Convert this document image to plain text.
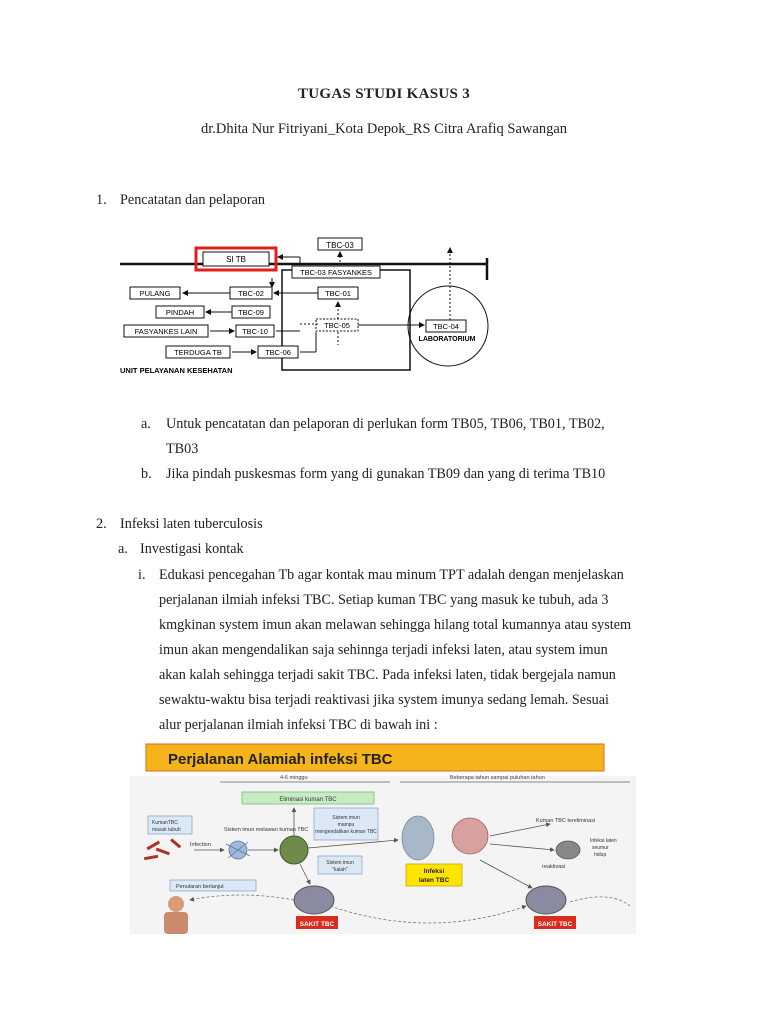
TUGAS STUDI KASUS 3
dr.Dhita Nur Fitriyani_Kota Depok_RS Citra Arafiq Sawangan
1. Pencatatan dan pelaporan
TBC-03
SI TB
TBC-03 FASYANKES
PULANG	TBC-02	TBC-01
PINDAH	TBC-09
FASYANKES LAIN	TBC-10
TBC-05	TBC-04
LABORATORIUM
TERDUGA TB	TBC-06
UNIT PELAYANAN KESEHATAN
a. Untuk pencatatan dan pelaporan di perlukan form TB05, TB06, TB01, TB02,
TB03
b. Jika pindah puskesmas form yang di gunakan TB09 dan yang di terima TB10
2. Infeksi laten tuberculosis
a. Investigasi kontak
i. Edukasi pencegahan Tb agar kontak mau minum TPT adalah dengan menjelaskan
perjalanan ilmiah infeksi TBC. Setiap kuman TBC yang masuk ke tubuh, ada 3
kmgkinan system imun akan melawan sehingga hilang total kumannya atau system
imun akan mengendalikan saja sehinnga terjadi infeksi laten, atau system imun
akan kalah sehingga terjadi sakit TBC. Pada infeksi laten, tidak bergejala namun
sewaktu-waktu bisa terjadi reaktivasi jika system imunya sedang lemah. Sesuai
alur perjalanan ilmiah infeksi TBC di bawah ini :
Perjalanan Alamiah infeksi TBC
4-6 minggu	Beberapa tahun sampai puluhan tahun
Eliminasi kuman TBC
KumanTBC
masuk tubuh	Sistem imun melawan kuman TBC
Sistem imun
mampu
mengendalikan kuman TBC
Kuman TBC tereliminasi
Infection
Infeksi laten
seumur
hidup
Sistem imun
"kalah"	Infeksi
laten TBC
reaktivasi
Penularan berlanjut
SAKIT TBC	SAKIT TBC
